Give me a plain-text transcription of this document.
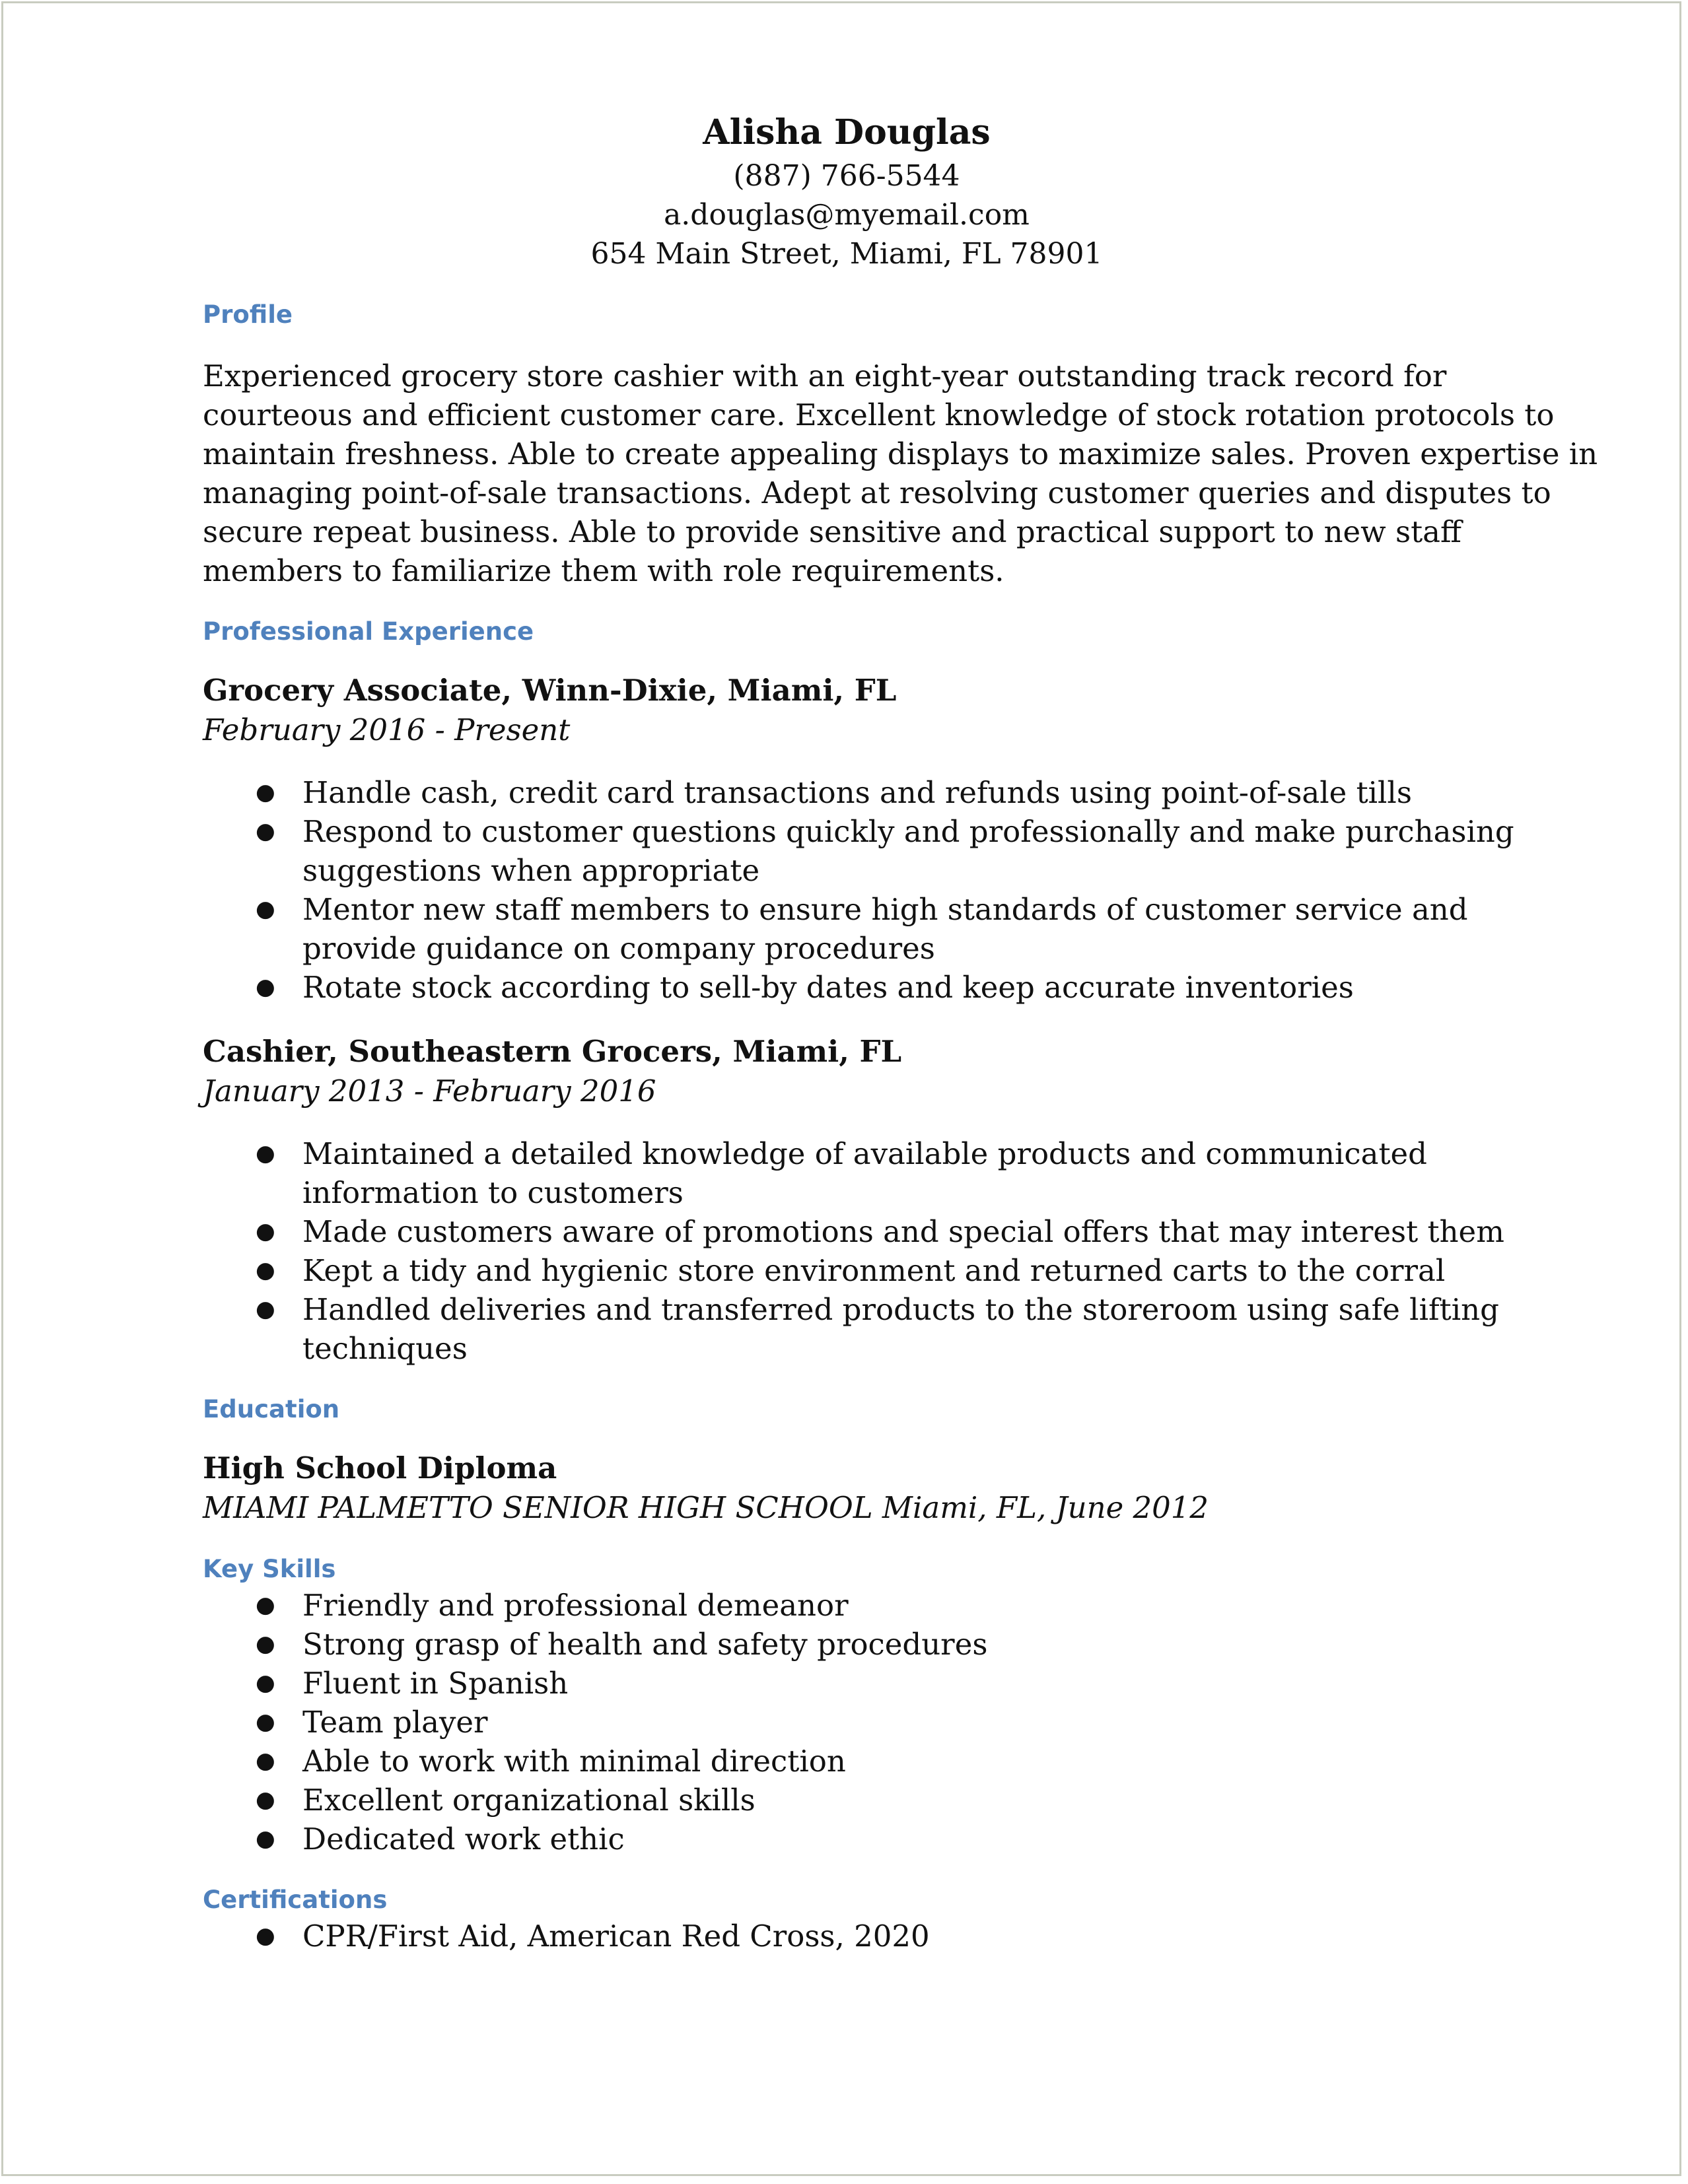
Alisha Douglas

(887) 766-5544

a.douglas@myemail.com

654 Main Street, Miami, FL 78901

Profile

Experienced grocery store cashier with an eight-year outstanding track record for
courteous and efficient customer care. Excellent knowledge of stock rotation protocols to
maintain freshness. Able to create appealing displays to maximize sales. Proven expertise in
managing point-of-sale transactions. Adept at resolving customer queries and disputes to
secure repeat business. Able to provide sensitive and practical support to new staff
members to familiarize them with role requirements.

Professional Experience

Grocery Associate, Winn-Dixie, Miami, FL

February 2016 - Present

● Handle cash, credit card transactions and refunds using point-of-sale tills
● Respond to customer questions quickly and professionally and make purchasing
suggestions when appropriate
● Mentor new staff members to ensure high standards of customer service and
provide guidance on company procedures
● Rotate stock according to sell-by dates and keep accurate inventories

Cashier, Southeastern Grocers, Miami, FL

January 2013 - February 2016

● Maintained a detailed knowledge of available products and communicated
information to customers
● Made customers aware of promotions and special offers that may interest them
● Kept a tidy and hygienic store environment and returned carts to the corral
● Handled deliveries and transferred products to the storeroom using safe lifting
techniques

Education

High School Diploma

MIAMI PALMETTO SENIOR HIGH SCHOOL Miami, FL, June 2012

Key Skills

● Friendly and professional demeanor
● Strong grasp of health and safety procedures
● Fluent in Spanish
● Team player
● Able to work with minimal direction
● Excellent organizational skills
● Dedicated work ethic

Certifications

● CPR/First Aid, American Red Cross, 2020
